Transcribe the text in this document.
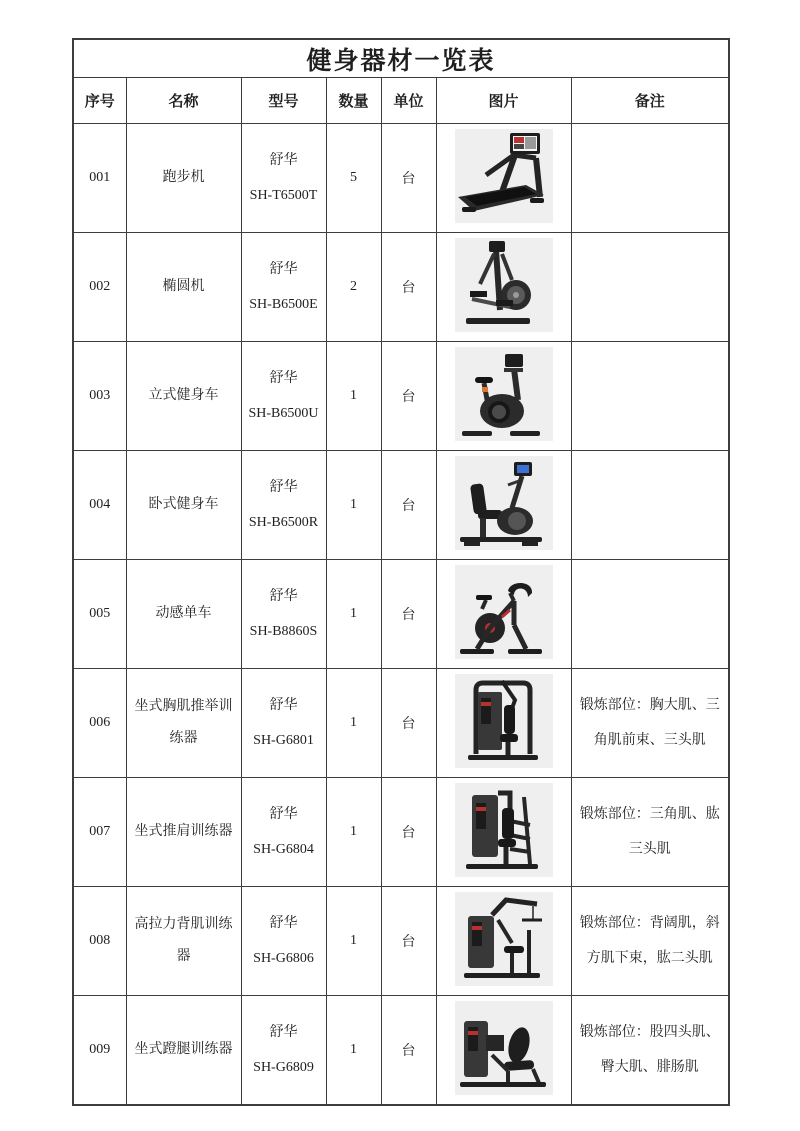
健身器材一览表						
序号	名称	型号	数量	单位	图片	备注
001	跑步机	舒华
SH-T6500T	5	台	

002	椭圆机	舒华
SH-B6500E	2	台	

003	立式健身车	舒华
SH-B6500U	1	台	

004	卧式健身车	舒华
SH-B6500R	1	台	

005	动感单车	舒华
SH-B8860S	1	台	

006	坐式胸肌推举训练器	舒华
SH-G6801	1	台		锻炼部位：胸大肌、三角肌前束、三头肌
007	坐式推肩训练器	舒华
SH-G6804	1	台		锻炼部位：三角肌、肱三头肌
008	高拉力背肌训练器	舒华
SH-G6806	1	台		锻炼部位：背阔肌，斜方肌下束，肱二头肌
009	坐式蹬腿训练器	舒华
SH-G6809	1	台		锻炼部位：股四头肌、臀大肌、腓肠肌
